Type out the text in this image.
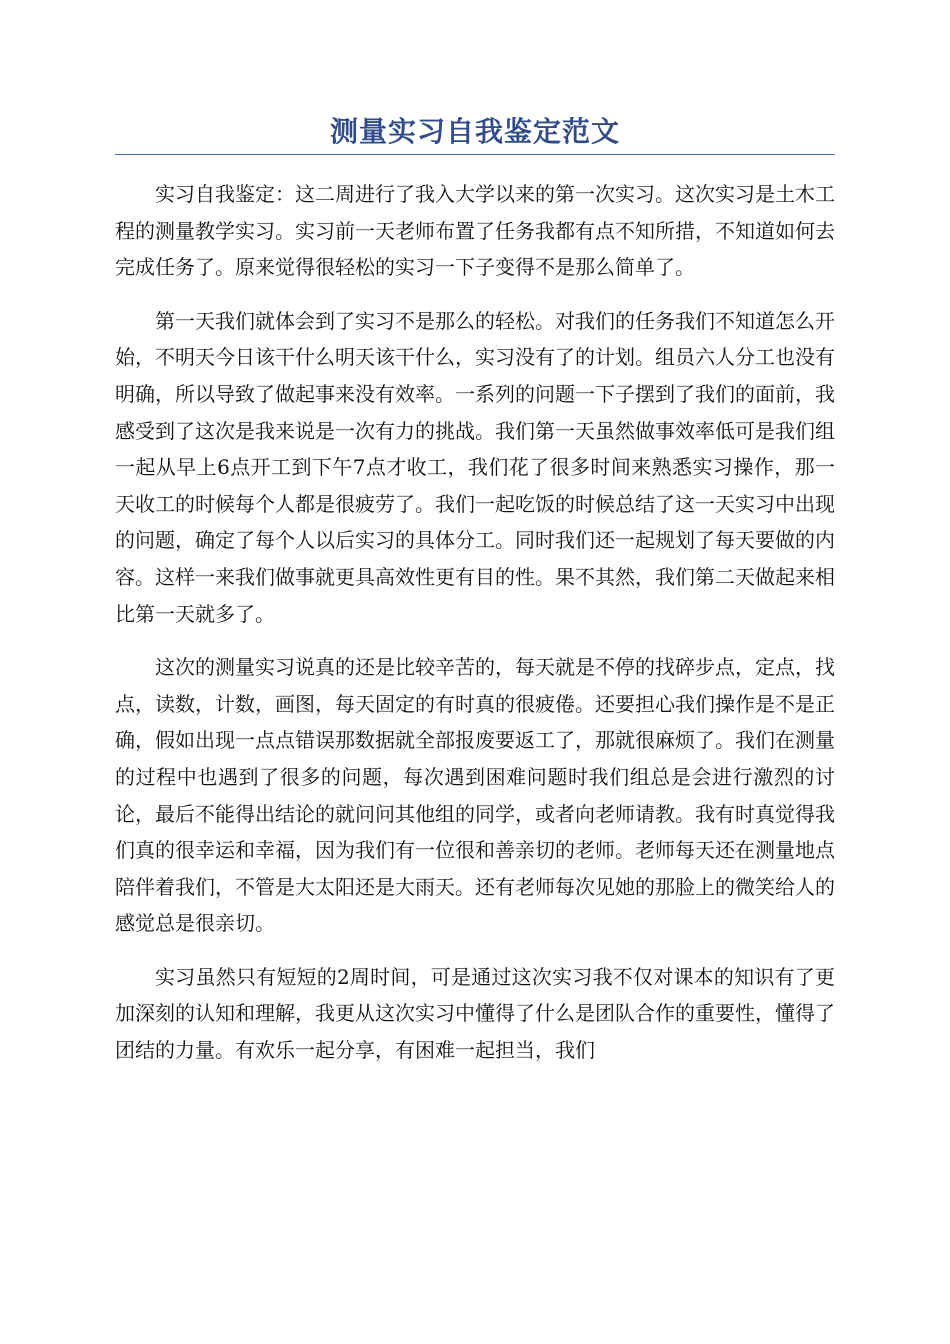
测量实习自我鉴定范文

实习自我鉴定：这二周进行了我入大学以来的第一次实习。这次实习是土木工程的测量教学实习。实习前一天老师布置了任务我都有点不知所措，不知道如何去完成任务了。原来觉得很轻松的实习一下子变得不是那么简单了。

第一天我们就体会到了实习不是那么的轻松。对我们的任务我们不知道怎么开始，不明天今日该干什么明天该干什么，实习没有了的计划。组员六人分工也没有明确，所以导致了做起事来没有效率。一系列的问题一下子摆到了我们的面前，我感受到了这次是我来说是一次有力的挑战。我们第一天虽然做事效率低可是我们组一起从早上6点开工到下午7点才收工，我们花了很多时间来熟悉实习操作，那一天收工的时候每个人都是很疲劳了。我们一起吃饭的时候总结了这一天实习中出现的问题，确定了每个人以后实习的具体分工。同时我们还一起规划了每天要做的内容。这样一来我们做事就更具高效性更有目的性。果不其然，我们第二天做起来相比第一天就多了。

这次的测量实习说真的还是比较辛苦的，每天就是不停的找碎步点，定点，找点，读数，计数，画图，每天固定的有时真的很疲倦。还要担心我们操作是不是正确，假如出现一点点错误那数据就全部报废要返工了，那就很麻烦了。我们在测量的过程中也遇到了很多的问题，每次遇到困难问题时我们组总是会进行激烈的讨论，最后不能得出结论的就问问其他组的同学，或者向老师请教。我有时真觉得我们真的很幸运和幸福，因为我们有一位很和善亲切的老师。老师每天还在测量地点陪伴着我们，不管是大太阳还是大雨天。还有老师每次见她的那脸上的微笑给人的感觉总是很亲切。

实习虽然只有短短的2周时间，可是通过这次实习我不仅对课本的知识有了更加深刻的认知和理解，我更从这次实习中懂得了什么是团队合作的重要性，懂得了团结的力量。有欢乐一起分享，有困难一起担当，我们
